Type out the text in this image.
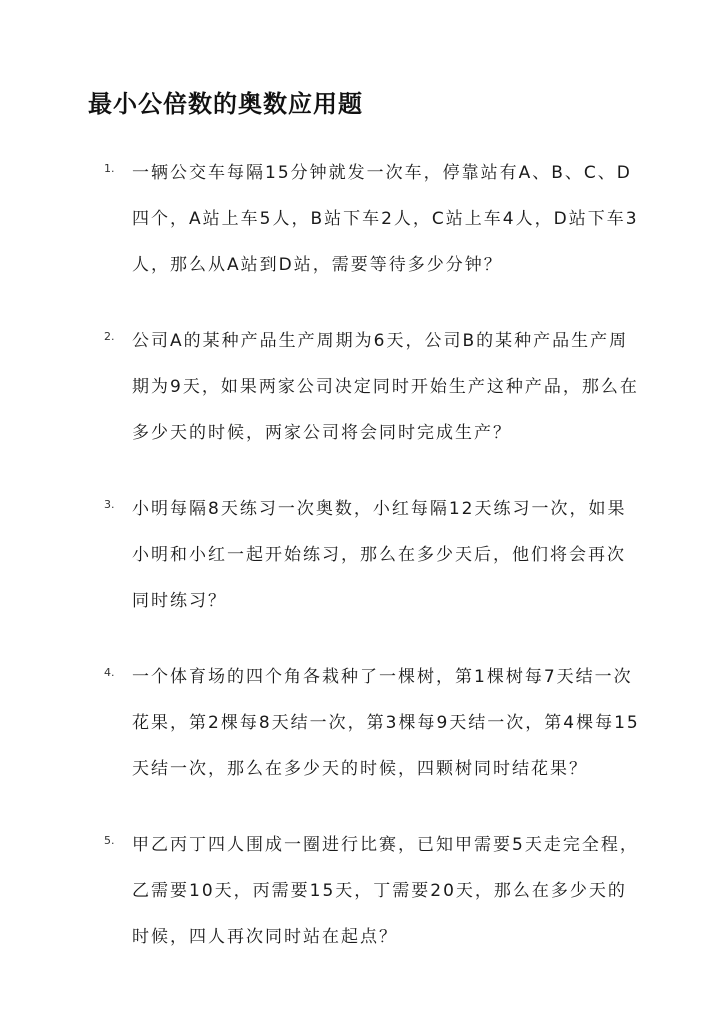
最小公倍数的奥数应用题
1. 一辆公交车每隔15分钟就发一次车，停靠站有A、B、C、D四个，A站上车5人，B站下车2人，C站上车4人，D站下车3人，那么从A站到D站，需要等待多少分钟？
2. 公司A的某种产品生产周期为6天，公司B的某种产品生产周期为9天，如果两家公司决定同时开始生产这种产品，那么在多少天的时候，两家公司将会同时完成生产？
3. 小明每隔8天练习一次奥数，小红每隔12天练习一次，如果小明和小红一起开始练习，那么在多少天后，他们将会再次同时练习？
4. 一个体育场的四个角各栽种了一棵树，第1棵树每7天结一次花果，第2棵每8天结一次，第3棵每9天结一次，第4棵每15天结一次，那么在多少天的时候，四颗树同时结花果？
5. 甲乙丙丁四人围成一圈进行比赛，已知甲需要5天走完全程，乙需要10天，丙需要15天，丁需要20天，那么在多少天的时候，四人再次同时站在起点？
